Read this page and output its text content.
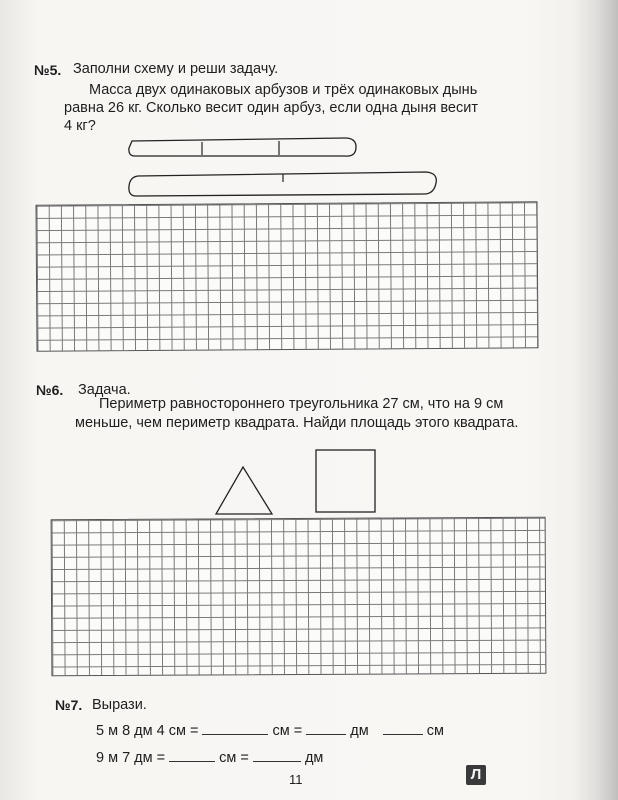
№5. Заполни схему и реши задачу.
Масса двух одинаковых арбузов и трёх одинаковых дынь
равна 26 кг. Сколько весит один арбуз, если одна дыня весит
4 кг?
№6. Задача.
Периметр равностороннего треугольника 27 см, что на 9 см
меньше, чем периметр квадрата. Найди площадь этого квадрата.
№7. Вырази.
5 м 8 дм 4 см =	см =	дм	см
9 м 7 дм =	см =	дм
11	Л
